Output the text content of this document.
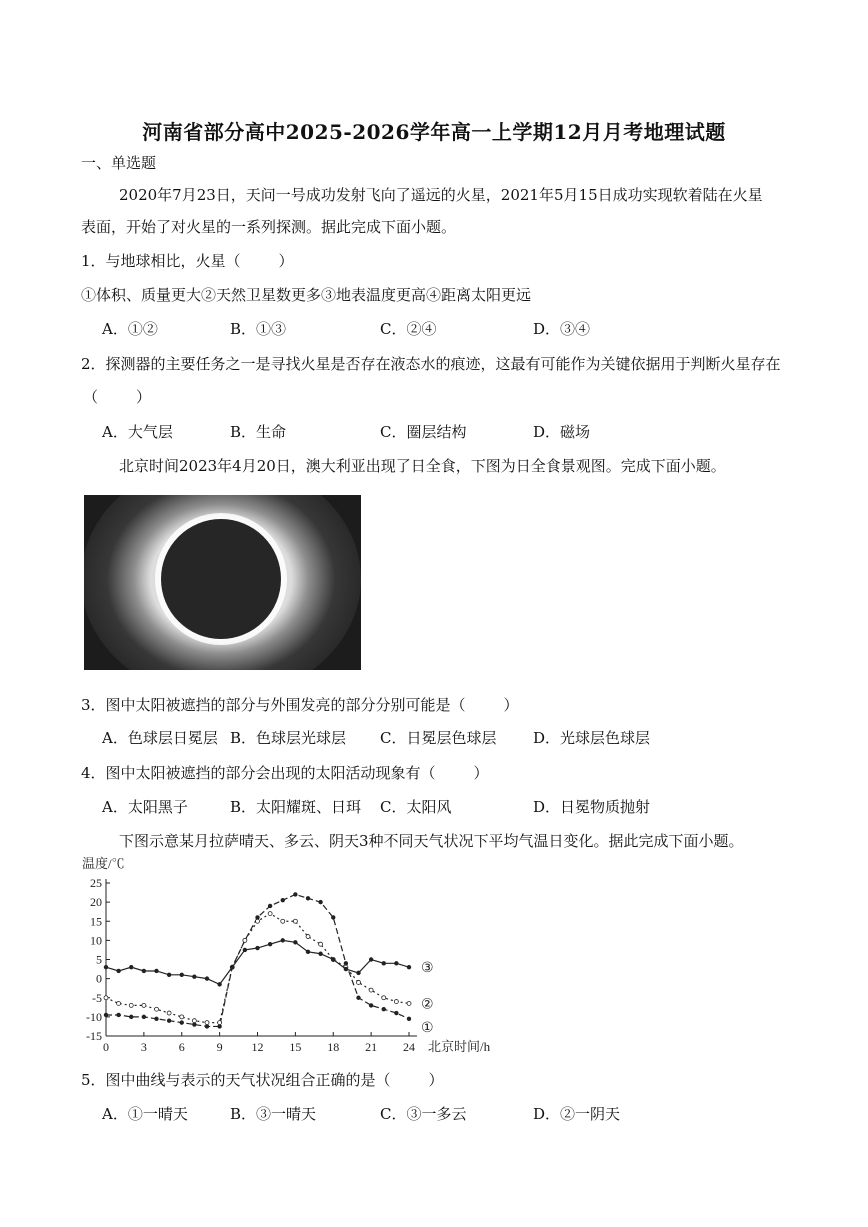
河南省部分高中2025-2026学年高一上学期12月月考地理试题
一、单选题
2020年7月23日，天问一号成功发射飞向了遥远的火星，2021年5月15日成功实现软着陆在火星
表面，开始了对火星的一系列探测。据此完成下面小题。
1．与地球相比，火星（	）
①体积、质量更大②天然卫星数更多③地表温度更高④距离太阳更远
A．①②	B．①③	C．②④	D．③④
2．探测器的主要任务之一是寻找火星是否存在液态水的痕迹，这最有可能作为关键依据用于判断火星存在
（	）
A．大气层	B．生命	C．圈层结构	D．磁场
北京时间2023年4月20日，澳大利亚出现了日全食，下图为日全食景观图。完成下面小题。
3．图中太阳被遮挡的部分与外围发亮的部分分别可能是（	）
A．色球层日冕层 B．色球层光球层 C．日冕层色球层 D．光球层色球层
4．图中太阳被遮挡的部分会出现的太阳活动现象有（	）
A．太阳黑子	B．太阳耀斑、日珥 C．太阳风	D．日冕物质抛射
下图示意某月拉萨晴天、多云、阴天3种不同天气状况下平均气温日变化。据此完成下面小题。
温度/℃
25
20
15
10
5
0
-5
-10
-15
0	3	6	9 12 15 18 21 24
①
②
③
北京时间/h
5．图中曲线与表示的天气状况组合正确的是（	）
A．①一晴天	B．③一晴天	C．③一多云	D．②一阴天
